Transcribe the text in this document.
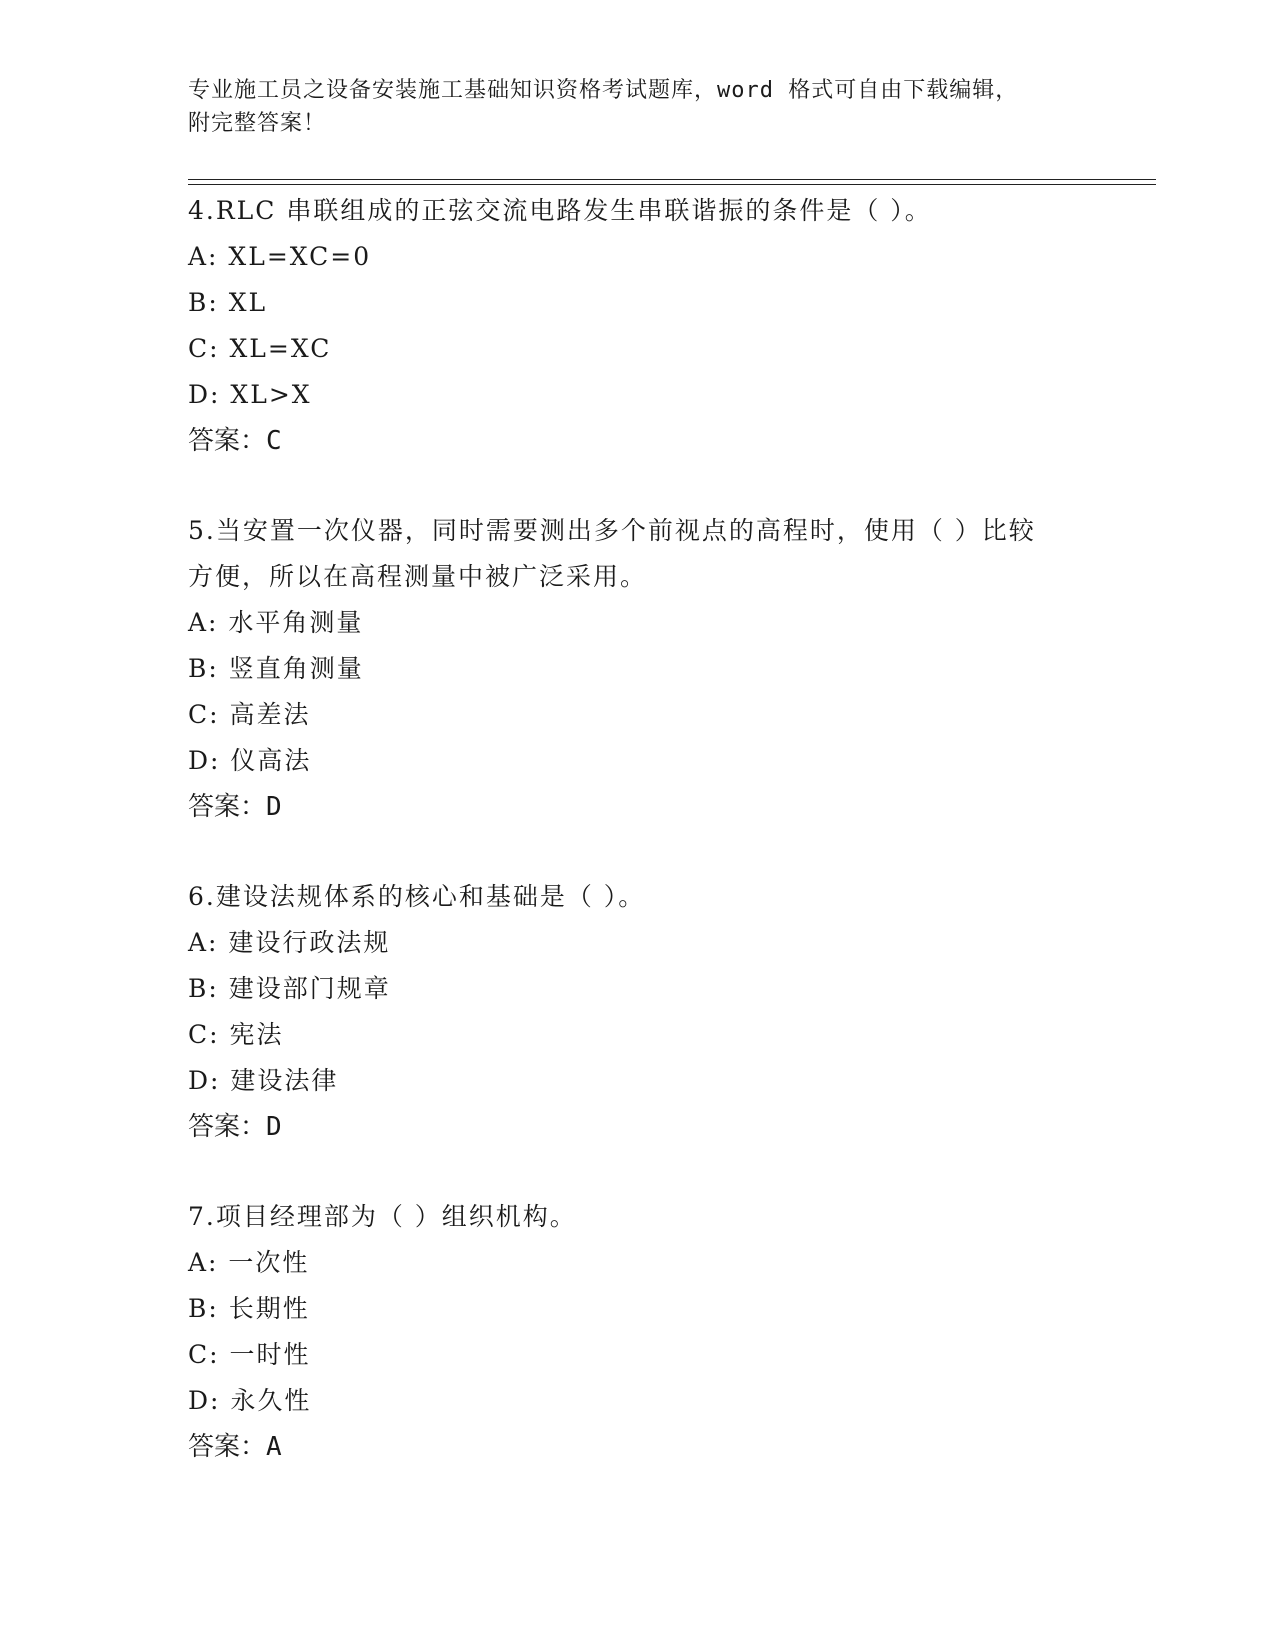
专业施工员之设备安装施工基础知识资格考试题库，word 格式可自由下载编辑，
附完整答案！

4.RLC 串联组成的正弦交流电路发生串联谐振的条件是（ ）。

A: XL=XC=0

B: XL

C: XL=XC

D: XL>X

答案：C

5.当安置一次仪器，同时需要测出多个前视点的高程时，使用（ ）比较方便，所以在高程测量中被广泛采用。

A: 水平角测量

B: 竖直角测量

C: 高差法

D: 仪高法

答案：D

6.建设法规体系的核心和基础是（ ）。

A: 建设行政法规

B: 建设部门规章

C: 宪法

D: 建设法律

答案：D

7.项目经理部为（ ）组织机构。

A: 一次性

B: 长期性

C: 一时性

D: 永久性

答案：A
